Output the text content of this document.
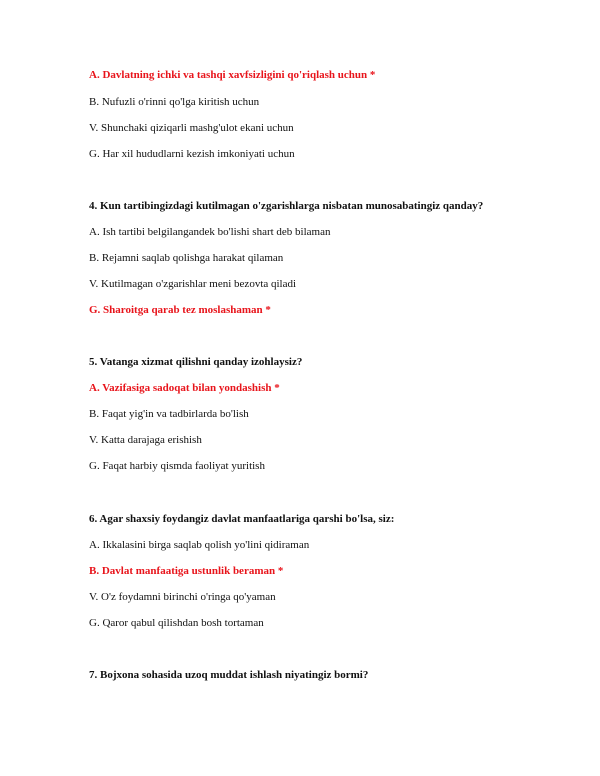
A. Davlatning ichki va tashqi xavfsizligini qo'riqlash uchun *
B. Nufuzli o'rinni qo'lga kiritish uchun
V. Shunchaki qiziqarli mashg'ulot ekani uchun
G. Har xil hududlarni kezish imkoniyati uchun
4. Kun tartibingizdagi kutilmagan o'zgarishlarga nisbatan munosabatingiz qanday?
A. Ish tartibi belgilangandek bo'lishi shart deb bilaman
B. Rejamni saqlab qolishga harakat qilaman
V. Kutilmagan o'zgarishlar meni bezovta qiladi
G. Sharoitga qarab tez moslashaman *
5. Vatanga xizmat qilishni qanday izohlaysiz?
A. Vazifasiga sadoqat bilan yondashish *
B. Faqat yig'in va tadbirlarda bo'lish
V. Katta darajaga erishish
G. Faqat harbiy qismda faoliyat yuritish
6. Agar shaxsiy foydangiz davlat manfaatlariga qarshi bo'lsa, siz:
A. Ikkalasini birga saqlab qolish yo'lini qidiraman
B. Davlat manfaatiga ustunlik beraman *
V. O'z foydamni birinchi o'ringa qo'yaman
G. Qaror qabul qilishdan bosh tortaman
7. Bojxona sohasida uzoq muddat ishlash niyatingiz bormi?
